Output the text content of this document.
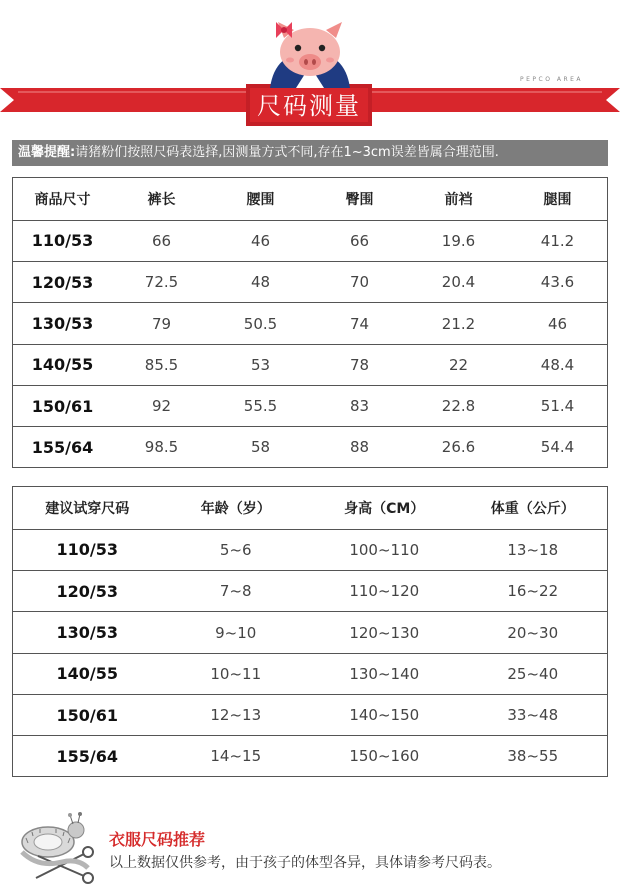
尺码测量
PEPCO AREA
温馨提醒:请猪粉们按照尺码表选择,因测量方式不同,存在1~3cm误差皆属合理范围.
商品尺寸	裤长	腰围	臀围	前裆	腿围
110/53	66	46	66	19.6	41.2
120/53	72.5	48	70	20.4	43.6
130/53	79	50.5	74	21.2	46
140/55	85.5	53	78	22	48.4
150/61	92	55.5	83	22.8	51.4
155/64	98.5	58	88	26.6	54.4
建议试穿尺码	年龄（岁）	身高（CM）	体重（公斤）
110/53	5~6	100~110	13~18
120/53	7~8	110~120	16~22
130/53	9~10	120~130	20~30
140/55	10~11	130~140	25~40
150/61	12~13	140~150	33~48
155/64	14~15	150~160	38~55
衣服尺码推荐
以上数据仅供参考，由于孩子的体型各异，具体请参考尺码表。
